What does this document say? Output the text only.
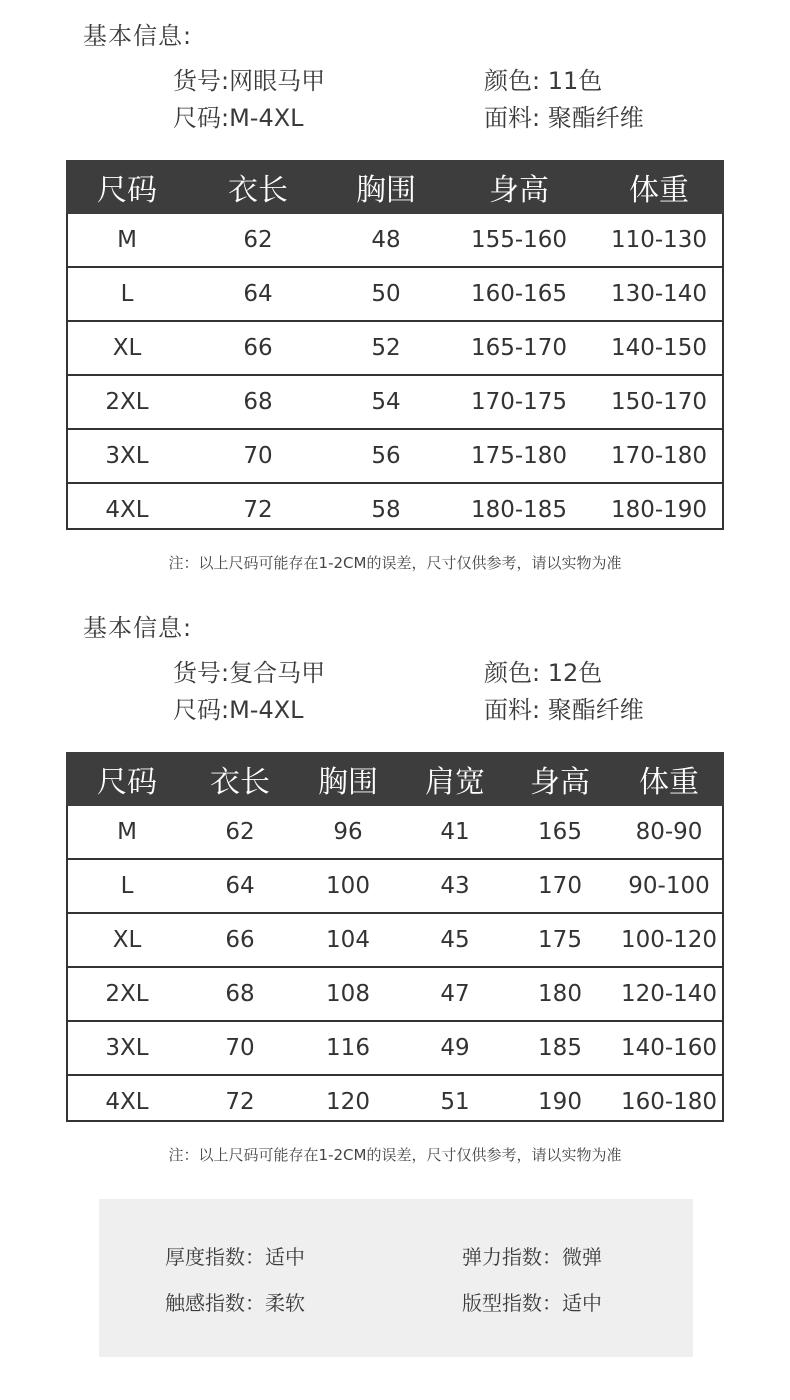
基本信息:
货号:网眼马甲	颜色: 11色
尺码:M-4XL	面料: 聚酯纤维
尺码	衣长	胸围	身高	体重
M	62	48	155-160	110-130
L	64	50	160-165	130-140
XL	66	52	165-170	140-150
2XL	68	54	170-175	150-170
3XL	70	56	175-180	170-180
4XL	72	58	180-185	180-190
注：以上尺码可能存在1-2CM的误差，尺寸仅供参考，请以实物为准
基本信息:
货号:复合马甲	颜色: 12色
尺码:M-4XL	面料: 聚酯纤维
尺码	衣长	胸围	肩宽	身高	体重
M	62	96	41	165	80-90
L	64	100	43	170	90-100
XL	66	104	45	175	100-120
2XL	68	108	47	180	120-140
3XL	70	116	49	185	140-160
4XL	72	120	51	190	160-180
注：以上尺码可能存在1-2CM的误差，尺寸仅供参考，请以实物为准
厚度指数：适中	弹力指数：微弹
触感指数：柔软	版型指数：适中
